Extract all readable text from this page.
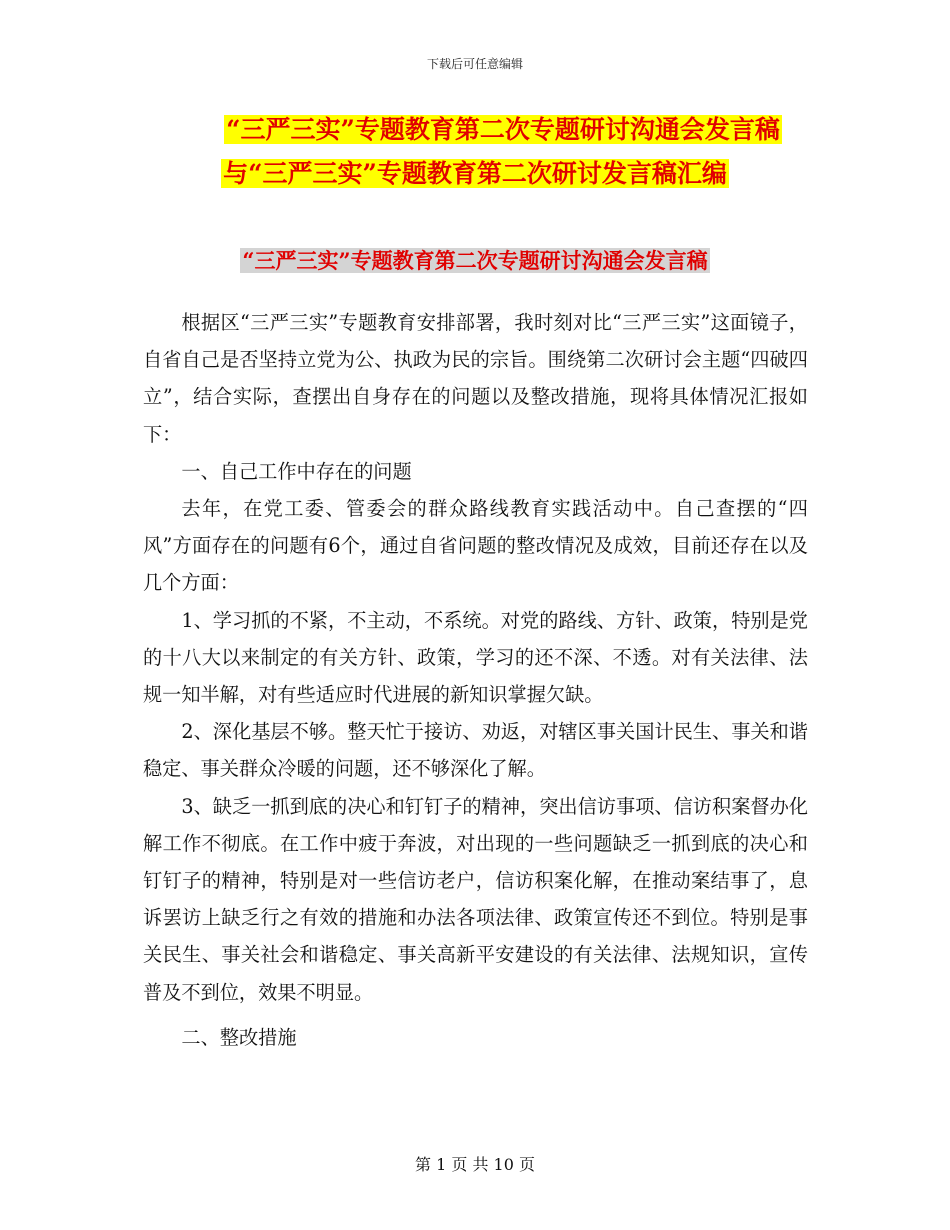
下载后可任意编辑
“三严三实”专题教育第二次专题研讨沟通会发言稿
与“三严三实”专题教育第二次研讨发言稿汇编
“三严三实”专题教育第二次专题研讨沟通会发言稿

根据区“三严三实”专题教育安排部署，我时刻对比“三严三实”这面镜子，自省自己是否坚持立党为公、执政为民的宗旨。围绕第二次研讨会主题“四破四立”，结合实际，查摆出自身存在的问题以及整改措施，现将具体情况汇报如下：

一、自己工作中存在的问题

去年，在党工委、管委会的群众路线教育实践活动中。自己查摆的“四风”方面存在的问题有6个，通过自省问题的整改情况及成效，目前还存在以及几个方面：

1、学习抓的不紧，不主动，不系统。对党的路线、方针、政策，特别是党的十八大以来制定的有关方针、政策，学习的还不深、不透。对有关法律、法规一知半解，对有些适应时代进展的新知识掌握欠缺。

2、深化基层不够。整天忙于接访、劝返，对辖区事关国计民生、事关和谐稳定、事关群众冷暖的问题，还不够深化了解。

3、缺乏一抓到底的决心和钉钉子的精神，突出信访事项、信访积案督办化解工作不彻底。在工作中疲于奔波，对出现的一些问题缺乏一抓到底的决心和钉钉子的精神，特别是对一些信访老户，信访积案化解，在推动案结事了，息诉罢访上缺乏行之有效的措施和办法各项法律、政策宣传还不到位。特别是事关民生、事关社会和谐稳定、事关高新平安建设的有关法律、法规知识，宣传普及不到位，效果不明显。

二、整改措施

第 1 页 共 10 页
